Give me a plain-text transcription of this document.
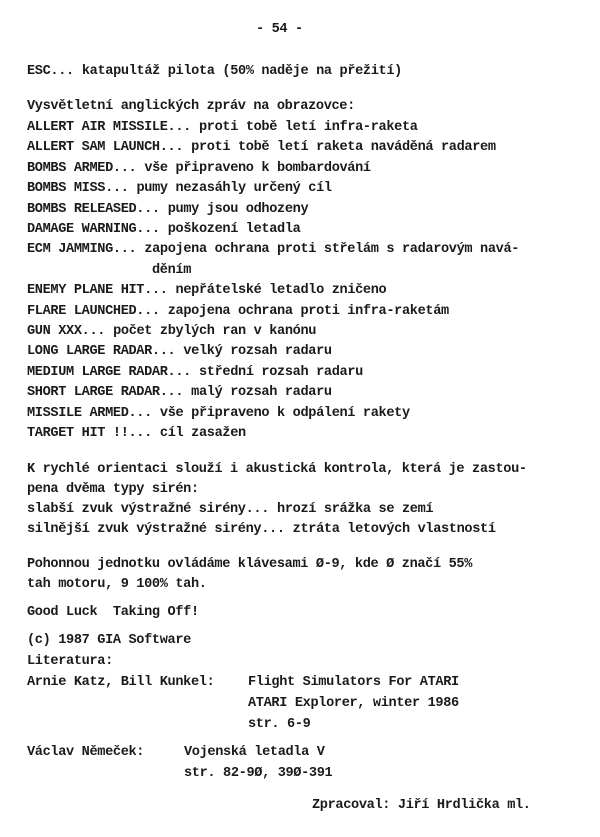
- 54 -
ESC... katapultáž pilota (50% naděje na přežití)
Vysvětletní anglických zpráv na obrazovce:
ALLERT AIR MISSILE... proti tobě letí infra-raketa
ALLERT SAM LAUNCH... proti tobě letí raketa naváděná radarem
BOMBS ARMED... vše připraveno k bombardování
BOMBS MISS... pumy nezasáhly určený cíl
BOMBS RELEASED... pumy jsou odhozeny
DAMAGE WARNING... poškození letadla
ECM JAMMING... zapojena ochrana proti střelám s radarovým navá-
děním
ENEMY PLANE HIT... nepřátelské letadlo zničeno
FLARE LAUNCHED... zapojena ochrana proti infra-raketám
GUN XXX... počet zbylých ran v kanónu
LONG LARGE RADAR... velký rozsah radaru
MEDIUM LARGE RADAR... střední rozsah radaru
SHORT LARGE RADAR... malý rozsah radaru
MISSILE ARMED... vše připraveno k odpálení rakety
TARGET HIT !!... cíl zasažen
K rychlé orientaci slouží i akustická kontrola, která je zastou-
pena dvěma typy sirén:
slabší zvuk výstražné sirény... hrozí srážka se zemí
silnější zvuk výstražné sirény... ztráta letových vlastností
Pohonnou jednotku ovládáme klávesami Ø-9, kde Ø značí 55%
tah motoru, 9 100% tah.
Good Luck  Taking Off!
(c) 1987 GIA Software
Literatura:
Arnie Katz, Bill Kunkel: Flight Simulators For ATARI
ATARI Explorer, winter 1986
str. 6-9
Václav Němeček:	Vojenská letadla V
str. 82-9Ø, 39Ø-391
Zpracoval: Jiří Hrdlička ml.
